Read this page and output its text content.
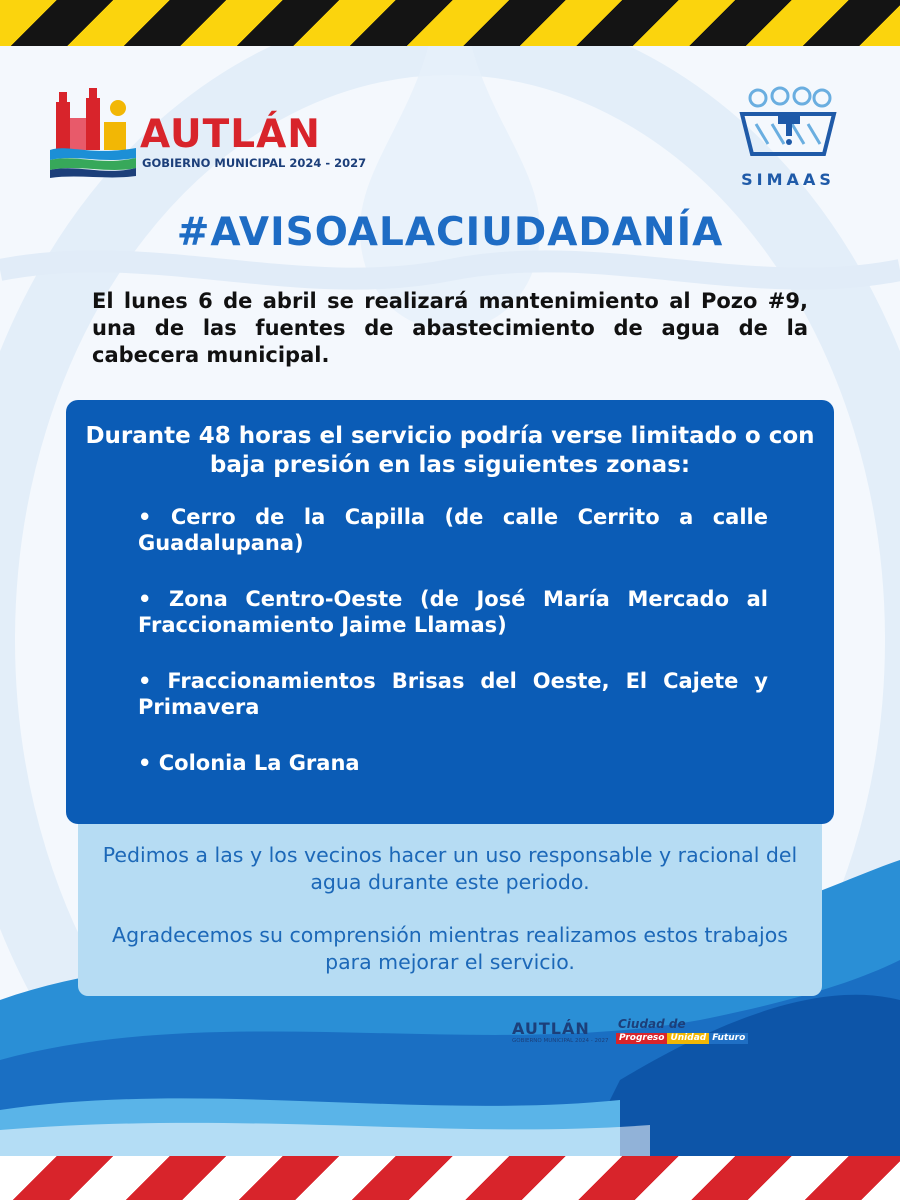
AUTLÁN
GOBIERNO MUNICIPAL 2024 - 2027
SIMAAS
#AVISOALACIUDADANÍA
El lunes 6 de abril se realizará mantenimiento al Pozo #9, una de las fuentes de abastecimiento de agua de la cabecera municipal.
Durante 48 horas el servicio podría verse limitado o con baja presión en las siguientes zonas:
• Cerro de la Capilla (de calle Cerrito a calle Guadalupana)
• Zona Centro-Oeste (de José María Mercado al Fraccionamiento Jaime Llamas)
• Fraccionamientos Brisas del Oeste, El Cajete y Primavera
• Colonia La Grana
Pedimos a las y los vecinos hacer un uso responsable y racional del agua durante este periodo.
Agradecemos su comprensión mientras realizamos estos trabajos para mejorar el servicio.
AUTLÁN
GOBIERNO MUNICIPAL 2024 - 2027
Ciudad de
Progreso Unidad Futuro
